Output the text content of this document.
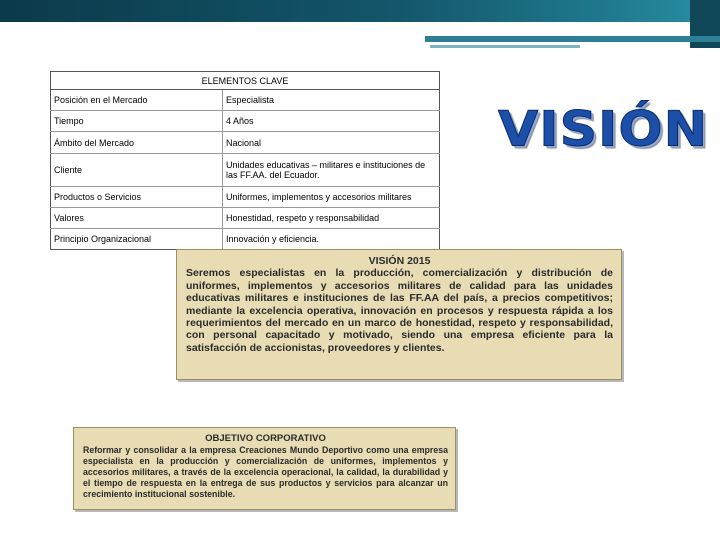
ELEMENTOS CLAVE	
Posición en el Mercado	Especialista
Tiempo	4 Años
Ámbito del Mercado	Nacional
Cliente	Unidades educativas – militares e instituciones de las FF.AA. del Ecuador.
Productos o Servicios	Uniformes, implementos y accesorios militares
Valores	Honestidad, respeto y responsabilidad
Principio Organizacional	Innovación y eficiencia.
VISIÓN
VISIÓN 2015
Seremos especialistas en la producción, comercialización y distribución de uniformes, implementos y accesorios militares de calidad para las unidades educativas militares e instituciones de las FF.AA del país, a precios competitivos; mediante la excelencia operativa, innovación en procesos y respuesta rápida a los requerimientos del mercado en un marco de honestidad, respeto y responsabilidad, con personal capacitado y motivado, siendo una empresa eficiente para la satisfacción de accionistas, proveedores y clientes.
OBJETIVO CORPORATIVO
Reformar y consolidar a la empresa Creaciones Mundo Deportivo como una empresa especialista en la producción y comercialización de uniformes, implementos y accesorios militares, a través de la excelencia operacional, la calidad, la durabilidad y el tiempo de respuesta en la entrega de sus productos y servicios para alcanzar un crecimiento institucional sostenible.
